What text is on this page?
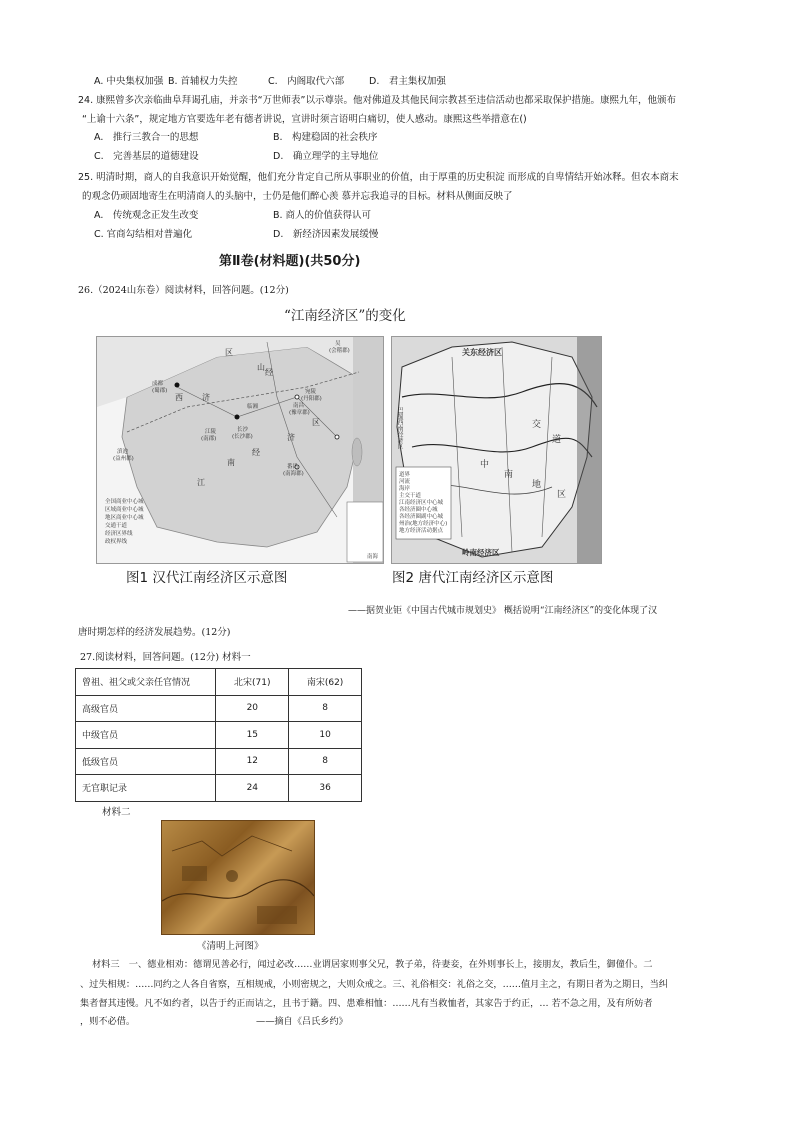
A. 中央集权加强 B. 首辅权力失控	C.　内阁取代六部	D.　君主集权加强
24. 康熙曾多次亲临曲阜拜谒孔庙，并亲书“万世师表”以示尊崇。他对佛道及其他民间宗教甚至违信活动也都采取保护措施。康熙九年，他颁布
“上谕十六条”，规定地方官要选年老有德者讲说，宣讲时须言语明白痛切，使人感动。康熙这些举措意在()
A.　推行三教合一的思想	B.　构建稳固的社会秩序
C.　完善基层的道德建设	D.　确立理学的主导地位
25. 明清时期，商人的自我意识开始觉醒，他们充分肯定自己所从事职业的价值，由于厚重的历史积淀 而形成的自卑情结开始冰释。但农本商末
的观念仍顽固地寄生在明清商人的头脑中，士仍是他们醉心羡 慕并忘我追寻的目标。材料从侧面反映了
A.　传统观念正发生改变	B. 商人的价值获得认可
C. 官商勾结相对普遍化	D.　新经济因素发展缓慢
第Ⅱ卷(材料题)(共50分)
26.（2024山东卷）阅读材料，回答问题。(12分)
“江南经济区”的变化
区
经
济
山
西
江
南
经
济
区
成都
(蜀郡)
江陵
(南郡)
长沙
(长沙郡)
南昌
(豫章郡)
吴
(会稽郡)
宛陵
(丹阳郡)
番禺
(南海郡)
临湘
滇池
(益州郡)
南海
全国商业中心城
区域商业中心城
地区商业中心城
交通干道
经济区界线
政权界线
关东经济区
巴蜀西南经济区
岭南经济区
中
南
地
区
交
道
道界
河流
海岸
主交干道
江南经济区中心城
各经济圈中心城
各经济圈副中心城
州治(地方经济中心)
地方经济活动据点
图1 汉代江南经济区示意图	图2 唐代江南经济区示意图
——据贺业钜《中国古代城市规划史》 概括说明“江南经济区”的变化体现了汉
唐时期怎样的经济发展趋势。(12分)
27.阅读材料，回答问题。(12分) 材料一
曾祖、祖父或父亲任官情况	北宋(71)	南宋(62)
高级官员	20	8
中级官员	15	10
低级官员	12	8
无官职记录	24	36
材料二
《清明上河图》
材料三　一、德业相劝：德谓见善必行，闻过必改……业谓居家则事父兄，教子弟，待妻妾，在外则事长上，接朋友，教后生，御僮仆。二
、过失相规：……同约之人各自省察，互相规戒，小则密规之，大则众戒之。三、礼俗相交：礼俗之交，……值月主之，有期日者为之期日，当纠
集者督其违慢。凡不如约者，以告于约正而诘之，且书于籍。四、患难相恤：……凡有当救恤者，其家告于约正，… 若不急之用，及有所妨者
，则不必借。	——摘自《吕氏乡约》
